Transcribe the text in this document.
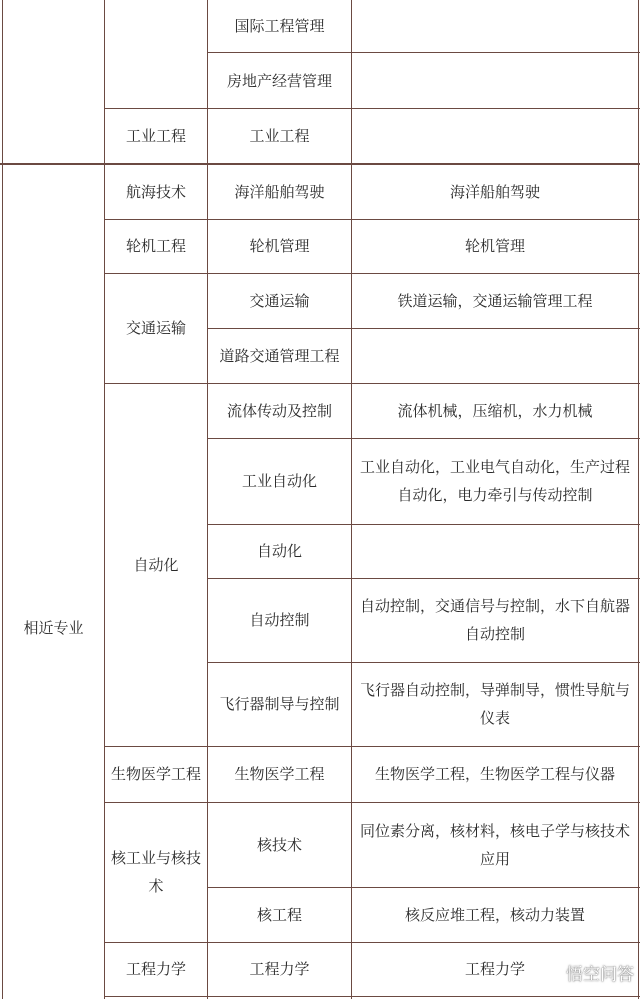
相近专业
工业工程
航海技术
轮机工程
交通运输
自动化
生物医学工程
核工业与核技术
工程力学
国际工程管理
房地产经营管理
工业工程
海洋船舶驾驶
轮机管理
交通运输
道路交通管理工程
流体传动及控制
工业自动化
自动化
自动控制
飞行器制导与控制
生物医学工程
核技术
核工程
工程力学
海洋船舶驾驶
轮机管理
铁道运输，交通运输管理工程
流体机械，压缩机，水力机械
工业自动化，工业电气自动化，生产过程自动化，电力牵引与传动控制
自动控制，交通信号与控制，水下自航器自动控制
飞行器自动控制，导弹制导，惯性导航与仪表
生物医学工程，生物医学工程与仪器
同位素分离，核材料，核电子学与核技术应用
核反应堆工程，核动力装置
工程力学	悟空问答
